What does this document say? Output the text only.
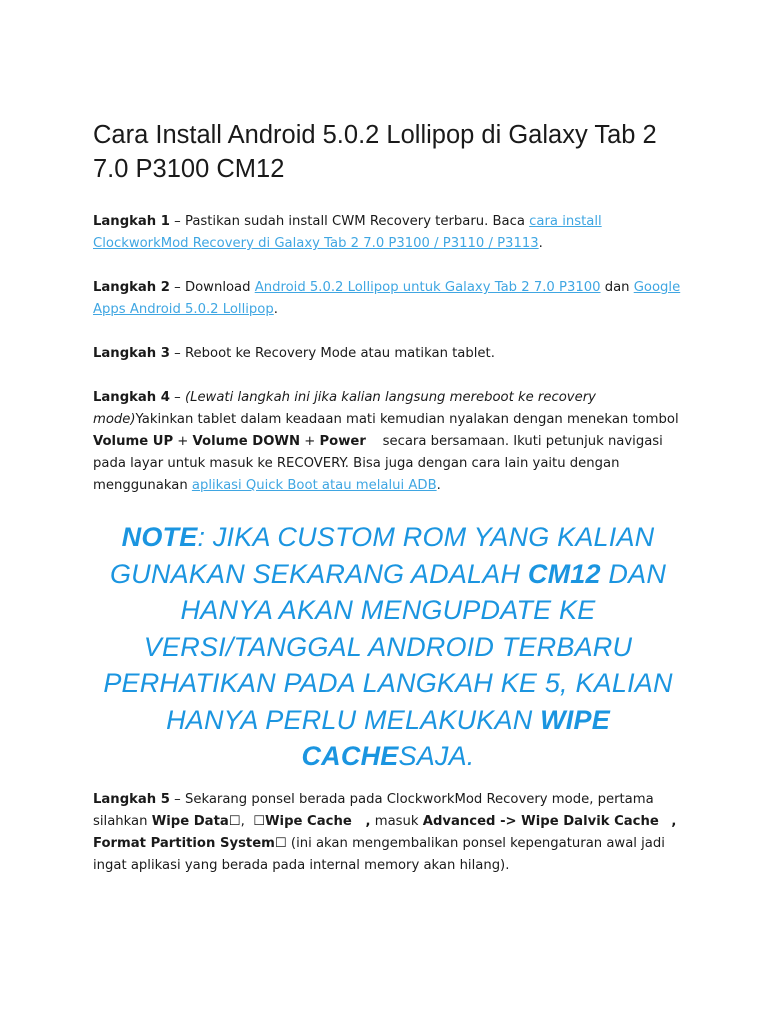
Cara Install Android 5.0.2 Lollipop di Galaxy Tab 2 7.0 P3100 CM12

Langkah 1 – Pastikan sudah install CWM Recovery terbaru. Baca cara install ClockworkMod Recovery di Galaxy Tab 2 7.0 P3100 / P3110 / P3113.

Langkah 2 – Download Android 5.0.2 Lollipop untuk Galaxy Tab 2 7.0 P3100 dan Google Apps Android 5.0.2 Lollipop.

Langkah 3 – Reboot ke Recovery Mode atau matikan tablet.

Langkah 4 – (Lewati langkah ini jika kalian langsung mereboot ke recovery mode)Yakinkan tablet dalam keadaan mati kemudian nyalakan dengan menekan tombol Volume UP + Volume DOWN + Power    secara bersamaan. Ikuti petunjuk navigasi pada layar untuk masuk ke RECOVERY. Bisa juga dengan cara lain yaitu dengan menggunakan aplikasi Quick Boot atau melalui ADB.

NOTE: JIKA CUSTOM ROM YANG KALIAN GUNAKAN SEKARANG ADALAH CM12 DAN HANYA AKAN MENGUPDATE KE VERSI/TANGGAL ANDROID TERBARU PERHATIKAN PADA LANGKAH KE 5, KALIAN HANYA PERLU MELAKUKAN WIPE CACHESAJA.

Langkah 5 – Sekarang ponsel berada pada ClockworkMod Recovery mode, pertama silahkan Wipe Data☐,  ☐Wipe Cache   , masuk Advanced -> Wipe Dalvik Cache , Format Partition System☐ (ini akan mengembalikan ponsel kepengaturan awal jadi ingat aplikasi yang berada pada internal memory akan hilang).
